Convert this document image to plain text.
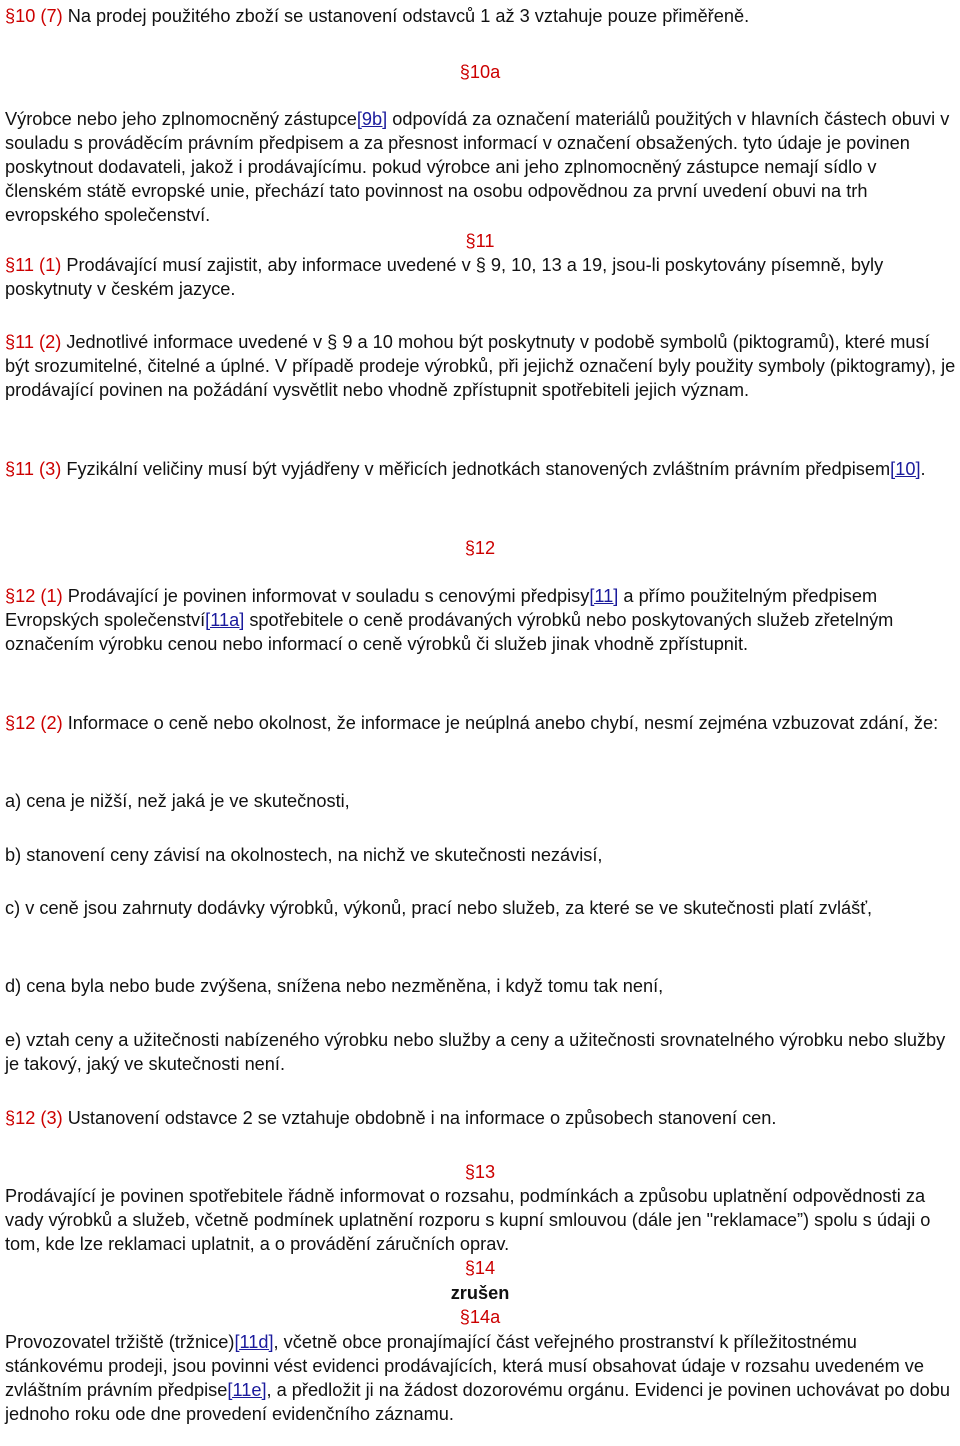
§10 (7) Na prodej použitého zboží se ustanovení odstavců 1 až 3 vztahuje pouze přiměřeně.

§10a

Výrobce nebo jeho zplnomocněný zástupce[9b] odpovídá za označení materiálů použitých v hlavních částech obuvi v souladu s prováděcím právním předpisem a za přesnost informací v označení obsažených. tyto údaje je povinen poskytnout dodavateli, jakož i prodávajícímu. pokud výrobce ani jeho zplnomocněný zástupce nemají sídlo v členském státě evropské unie, přechází tato povinnost na osobu odpovědnou za první uvedení obuvi na trh evropského společenství.

§11

§11 (1) Prodávající musí zajistit, aby informace uvedené v § 9, 10, 13 a 19, jsou-li poskytovány písemně, byly poskytnuty v českém jazyce.

§11 (2) Jednotlivé informace uvedené v § 9 a 10 mohou být poskytnuty v podobě symbolů (piktogramů), které musí být srozumitelné, čitelné a úplné. V případě prodeje výrobků, při jejichž označení byly použity symboly (piktogramy), je prodávající povinen na požádání vysvětlit nebo vhodně zpřístupnit spotřebiteli jejich význam.

§11 (3) Fyzikální veličiny musí být vyjádřeny v měřicích jednotkách stanovených zvláštním právním předpisem[10].

§12

§12 (1) Prodávající je povinen informovat v souladu s cenovými předpisy[11] a přímo použitelným předpisem Evropských společenství[11a] spotřebitele o ceně prodávaných výrobků nebo poskytovaných služeb zřetelným označením výrobku cenou nebo informací o ceně výrobků či služeb jinak vhodně zpřístupnit.

§12 (2) Informace o ceně nebo okolnost, že informace je neúplná anebo chybí, nesmí zejména vzbuzovat zdání, že:

a) cena je nižší, než jaká je ve skutečnosti,

b) stanovení ceny závisí na okolnostech, na nichž ve skutečnosti nezávisí,

c) v ceně jsou zahrnuty dodávky výrobků, výkonů, prací nebo služeb, za které se ve skutečnosti platí zvlášť,

d) cena byla nebo bude zvýšena, snížena nebo nezměněna, i když tomu tak není,

e) vztah ceny a užitečnosti nabízeného výrobku nebo služby a ceny a užitečnosti srovnatelného výrobku nebo služby je takový, jaký ve skutečnosti není.

§12 (3) Ustanovení odstavce 2 se vztahuje obdobně i na informace o způsobech stanovení cen.

§13

Prodávající je povinen spotřebitele řádně informovat o rozsahu, podmínkách a způsobu uplatnění odpovědnosti za vady výrobků a služeb, včetně podmínek uplatnění rozporu s kupní smlouvou (dále jen "reklamace”) spolu s údaji o tom, kde lze reklamaci uplatnit, a o provádění záručních oprav.

§14

zrušen

§14a

Provozovatel tržiště (tržnice)[11d], včetně obce pronajímající část veřejného prostranství k příležitostnému stánkovému prodeji, jsou povinni vést evidenci prodávajících, která musí obsahovat údaje v rozsahu uvedeném ve zvláštním právním předpise[11e], a předložit ji na žádost dozorovému orgánu. Evidenci je povinen uchovávat po dobu jednoho roku ode dne provedení evidenčního záznamu.
